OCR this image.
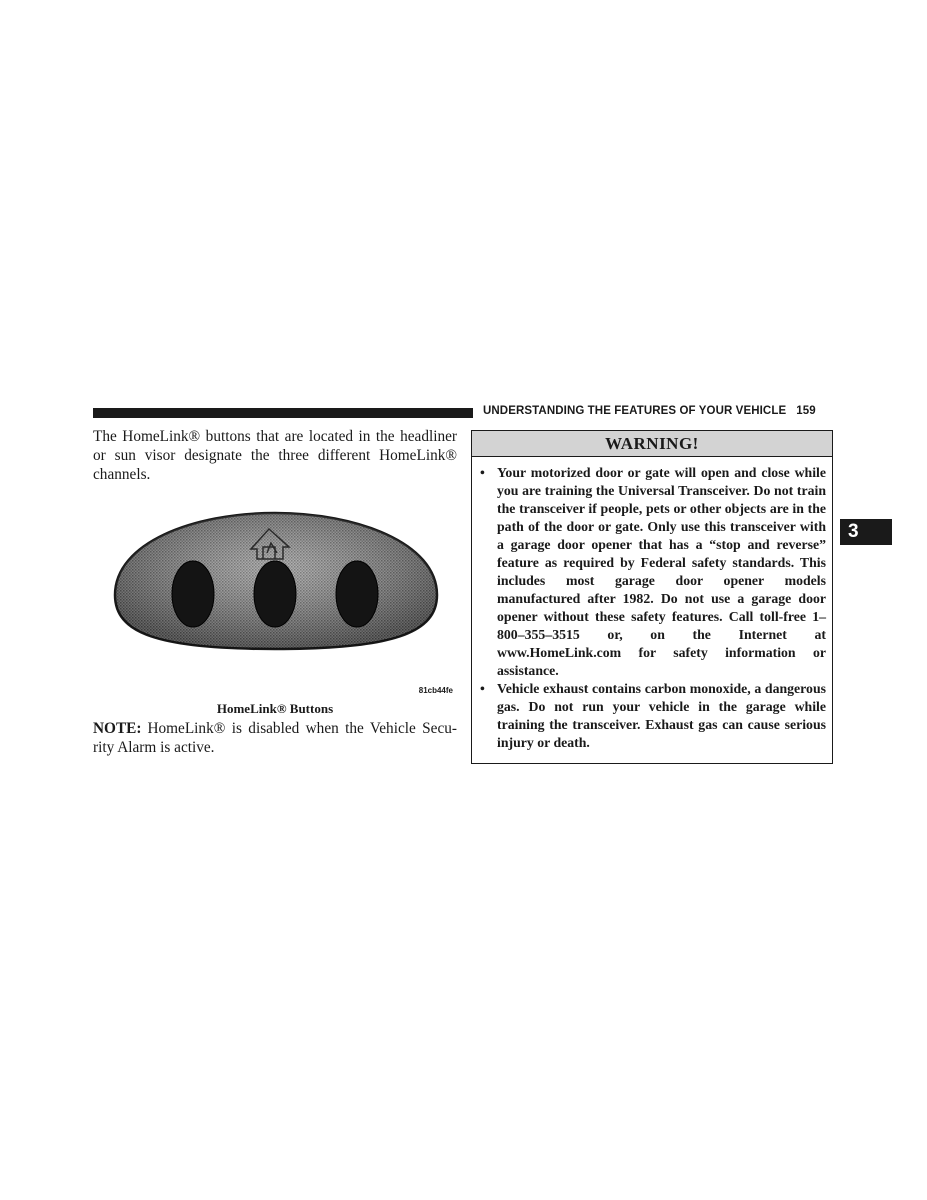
UNDERSTANDING THE FEATURES OF YOUR VEHICLE 159
3

The HomeLink® buttons that are located in the headliner or sun visor designate the three different HomeLink® channels.

81cb44fe
HomeLink® Buttons

NOTE: HomeLink® is disabled when the Vehicle Security Alarm is active.

WARNING!
• Your motorized door or gate will open and close while you are training the Universal Transceiver. Do not train the transceiver if people, pets or other objects are in the path of the door or gate. Only use this transceiver with a garage door opener that has a “stop and reverse” feature as required by Federal safety standards. This includes most garage door opener models manufactured after 1982. Do not use a garage door opener without these safety features. Call toll-free 1–800–355–3515 or, on the Internet at www.HomeLink.com for safety information or assistance.
• Vehicle exhaust contains carbon monoxide, a dangerous gas. Do not run your vehicle in the garage while training the transceiver. Exhaust gas can cause serious injury or death.
